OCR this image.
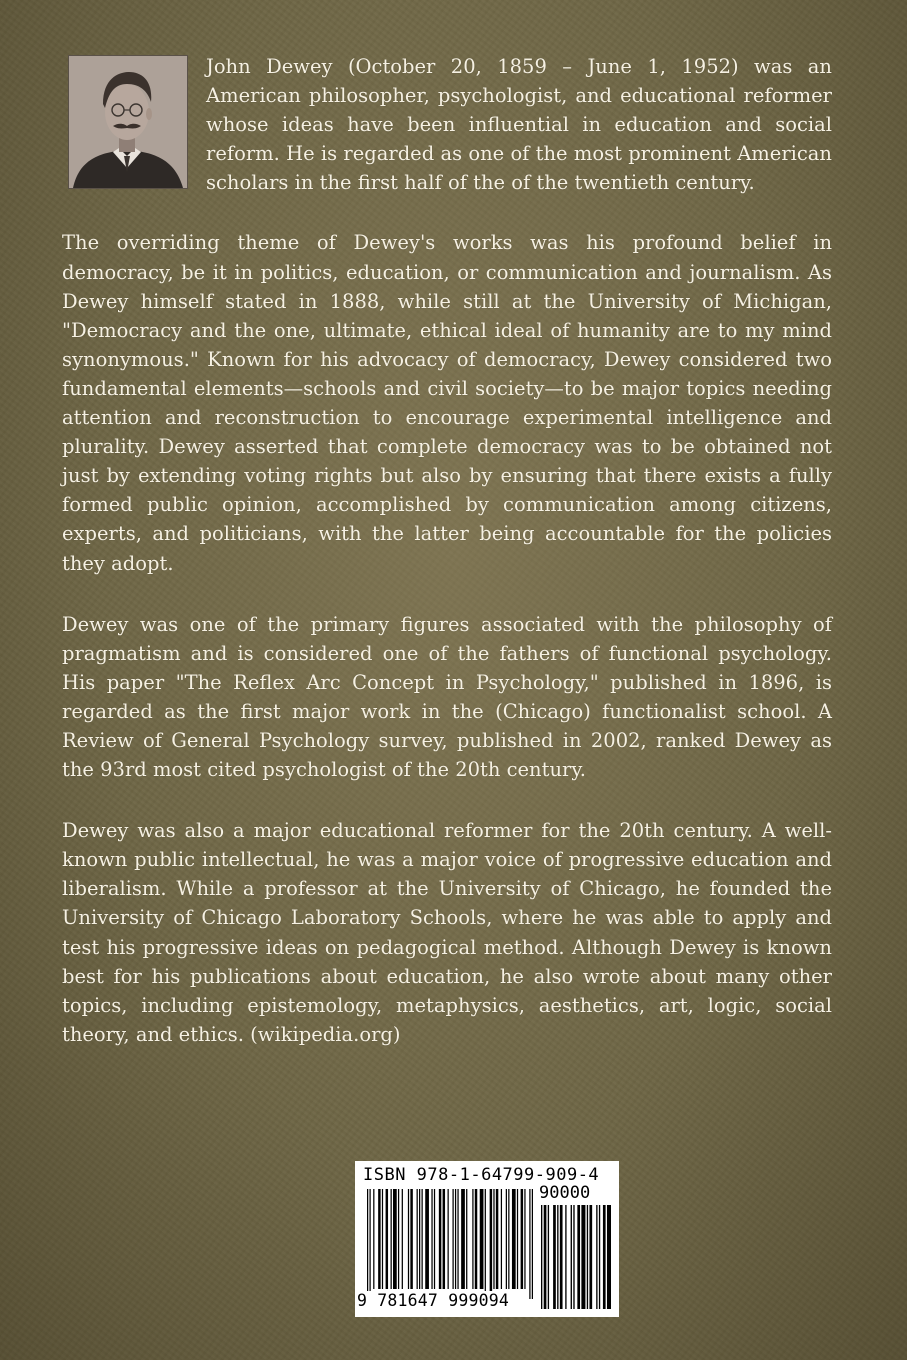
John Dewey (October 20, 1859 – June 1, 1952) was an American philosopher, psychologist, and educational reformer whose ideas have been influential in education and social reform. He is regarded as one of the most prominent American scholars in the first half of the of the twentieth century.

The overriding theme of Dewey's works was his profound belief in democracy, be it in politics, education, or communication and journalism. As Dewey himself stated in 1888, while still at the University of Michigan, "Democracy and the one, ultimate, ethical ideal of humanity are to my mind synonymous." Known for his advocacy of democracy, Dewey considered two fundamental elements—schools and civil society—to be major topics needing attention and reconstruction to encourage experimental intelligence and plurality. Dewey asserted that complete democracy was to be obtained not just by extending voting rights but also by ensuring that there exists a fully formed public opinion, accomplished by communication among citizens, experts, and politicians, with the latter being accountable for the policies they adopt.

Dewey was one of the primary figures associated with the philosophy of pragmatism and is considered one of the fathers of functional psychology. His paper "The Reflex Arc Concept in Psychology," published in 1896, is regarded as the first major work in the (Chicago) functionalist school. A Review of General Psychology survey, published in 2002, ranked Dewey as the 93rd most cited psychologist of the 20th century.

Dewey was also a major educational reformer for the 20th century. A well-known public intellectual, he was a major voice of progressive education and liberalism. While a professor at the University of Chicago, he founded the University of Chicago Laboratory Schools, where he was able to apply and test his progressive ideas on pedagogical method. Although Dewey is known best for his publications about education, he also wrote about many other topics, including epistemology, metaphysics, aesthetics, art, logic, social theory, and ethics. (wikipedia.org)

ISBN 978-1-64799-909-4
90000
9 781647 999094
